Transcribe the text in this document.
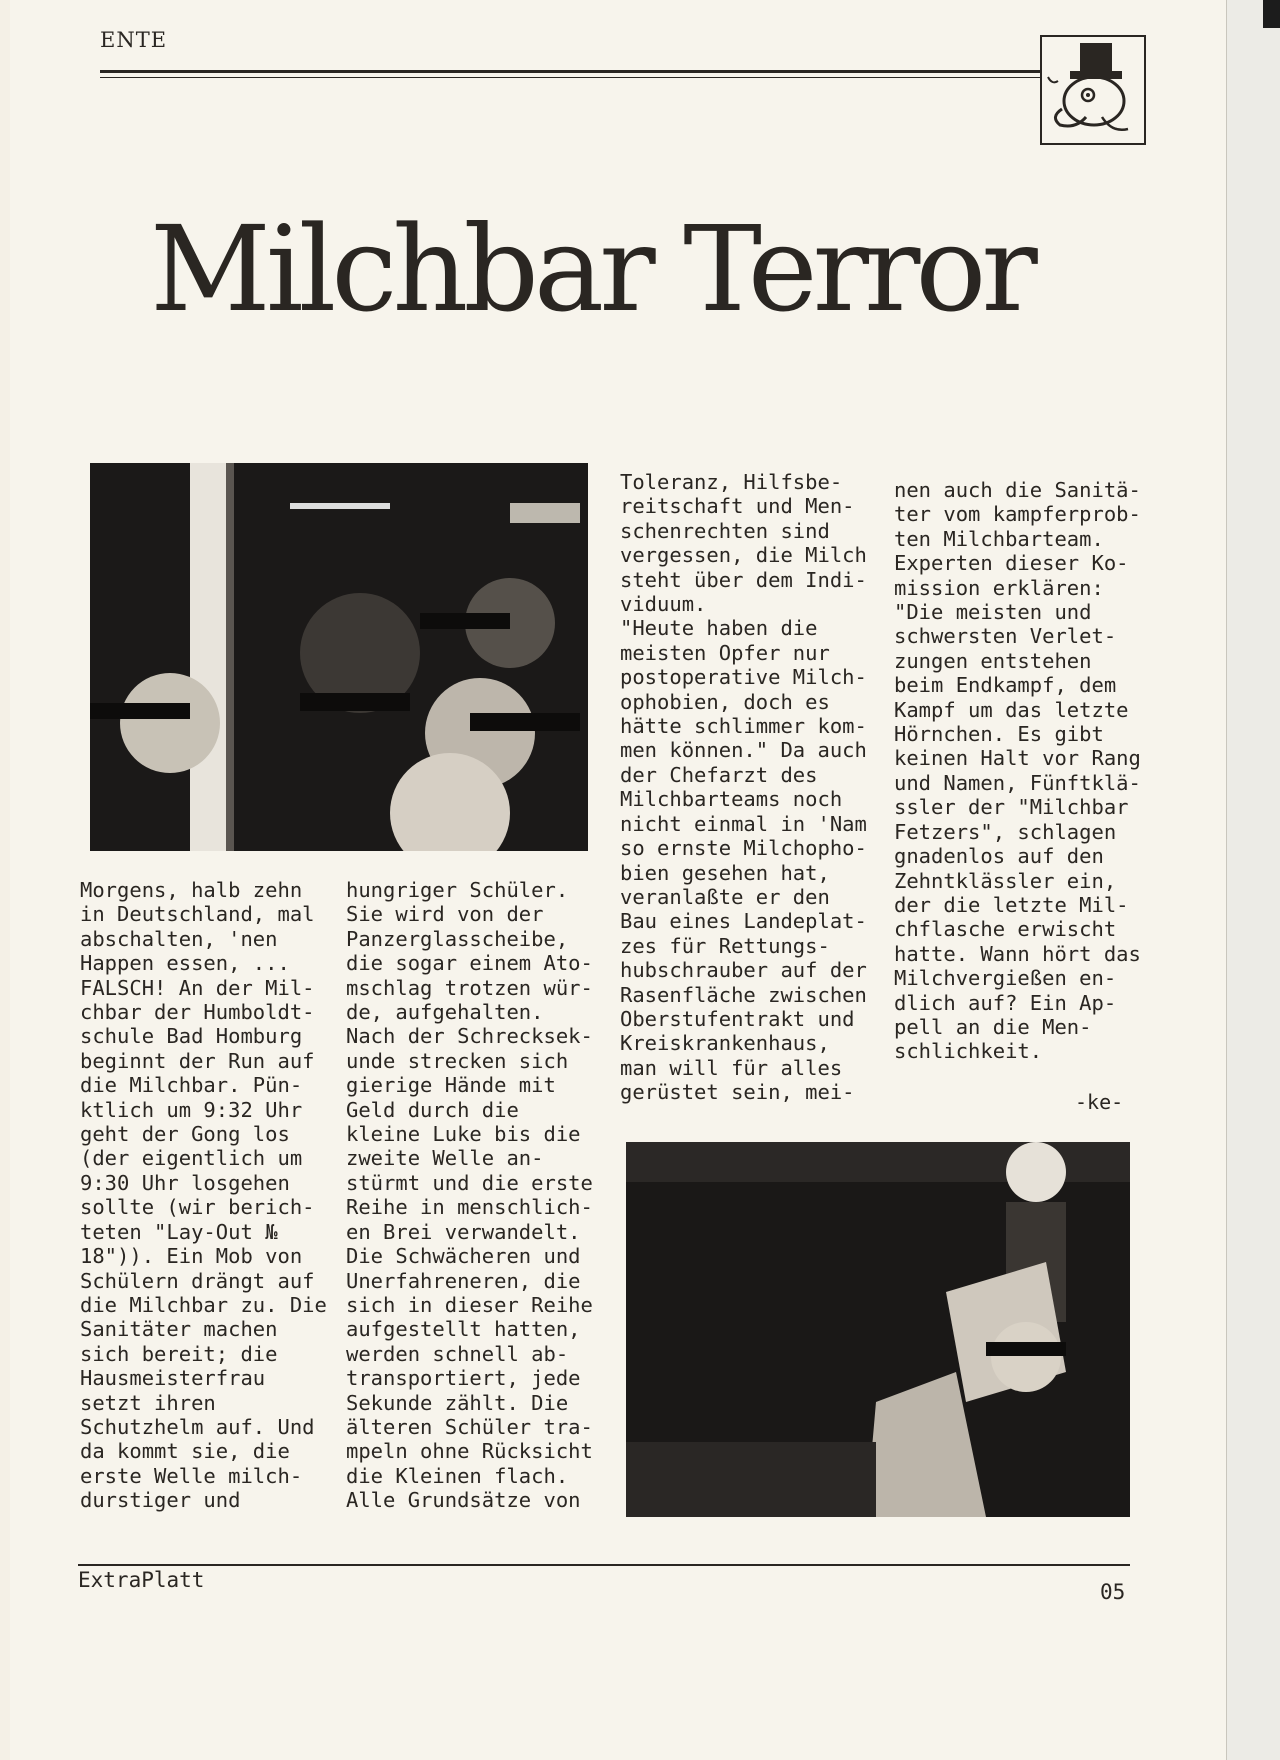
ENTE
Milchbar Terror

Morgens, halb zehn
in Deutschland, mal
abschalten, 'nen
Happen essen, ...
FALSCH! An der Mil-
chbar der Humboldt-
schule Bad Homburg
beginnt der Run auf
die Milchbar. Pün-
ktlich um 9:32 Uhr
geht der Gong los
(der eigentlich um
9:30 Uhr losgehen
sollte (wir berich-
teten "Lay-Out №
18")). Ein Mob von
Schülern drängt auf
die Milchbar zu. Die
Sanitäter machen
sich bereit; die
Hausmeisterfrau
setzt ihren
Schutzhelm auf. Und
da kommt sie, die
erste Welle milch-
durstiger und

hungriger Schüler.
Sie wird von der
Panzerglasscheibe,
die sogar einem Ato-
mschlag trotzen wür-
de, aufgehalten.
Nach der Schrecksek-
unde strecken sich
gierige Hände mit
Geld durch die
kleine Luke bis die
zweite Welle an-
stürmt und die erste
Reihe in menschlich-
en Brei verwandelt.
Die Schwächeren und
Unerfahreneren, die
sich in dieser Reihe
aufgestellt hatten,
werden schnell ab-
transportiert, jede
Sekunde zählt. Die
älteren Schüler tra-
mpeln ohne Rücksicht
die Kleinen flach.
Alle Grundsätze von

Toleranz, Hilfsbe-
reitschaft und Men-
schenrechten sind
vergessen, die Milch
steht über dem Indi-
viduum.
"Heute haben die
meisten Opfer nur
postoperative Milch-
ophobien, doch es
hätte schlimmer kom-
men können." Da auch
der Chefarzt des
Milchbarteams noch
nicht einmal in 'Nam
so ernste Milchopho-
bien gesehen hat,
veranlaßte er den
Bau eines Landeplat-
zes für Rettungs-
hubschrauber auf der
Rasenfläche zwischen
Oberstufentrakt und
Kreiskrankenhaus,
man will für alles
gerüstet sein, mei-

nen auch die Sanitä-
ter vom kampferprob-
ten Milchbarteam.
Experten dieser Ko-
mission erklären:
"Die meisten und
schwersten Verlet-
zungen entstehen
beim Endkampf, dem
Kampf um das letzte
Hörnchen. Es gibt
keinen Halt vor Rang
und Namen, Fünftklä-
ssler der "Milchbar
Fetzers", schlagen
gnadenlos auf den
Zehntklässler ein,
der die letzte Mil-
chflasche erwischt
hatte. Wann hört das
Milchvergießen en-
dlich auf? Ein Ap-
pell an die Men-
schlichkeit.

-ke-
ExtraPlatt	05
